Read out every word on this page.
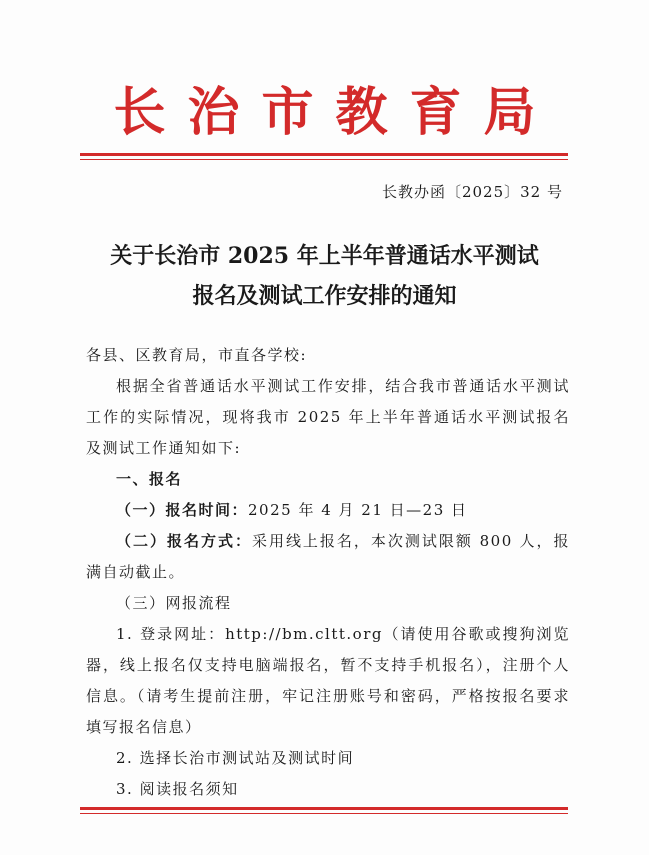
长治市教育局
长教办函〔2025〕32 号
关于长治市 2025 年上半年普通话水平测试
报名及测试工作安排的通知

各县、区教育局，市直各学校:

根据全省普通话水平测试工作安排，结合我市普通话水平测试工作的实际情况，现将我市 2025 年上半年普通话水平测试报名及测试工作通知如下:

一、报名

（一）报名时间：2025 年 4 月 21 日—23 日

（二）报名方式：采用线上报名，本次测试限额 800 人，报满自动截止。

（三）网报流程

1. 登录网址：http://bm.cltt.org（请使用谷歌或搜狗浏览器，线上报名仅支持电脑端报名，暂不支持手机报名），注册个人信息。（请考生提前注册，牢记注册账号和密码，严格按报名要求填写报名信息）

2. 选择长治市测试站及测试时间

3. 阅读报名须知
